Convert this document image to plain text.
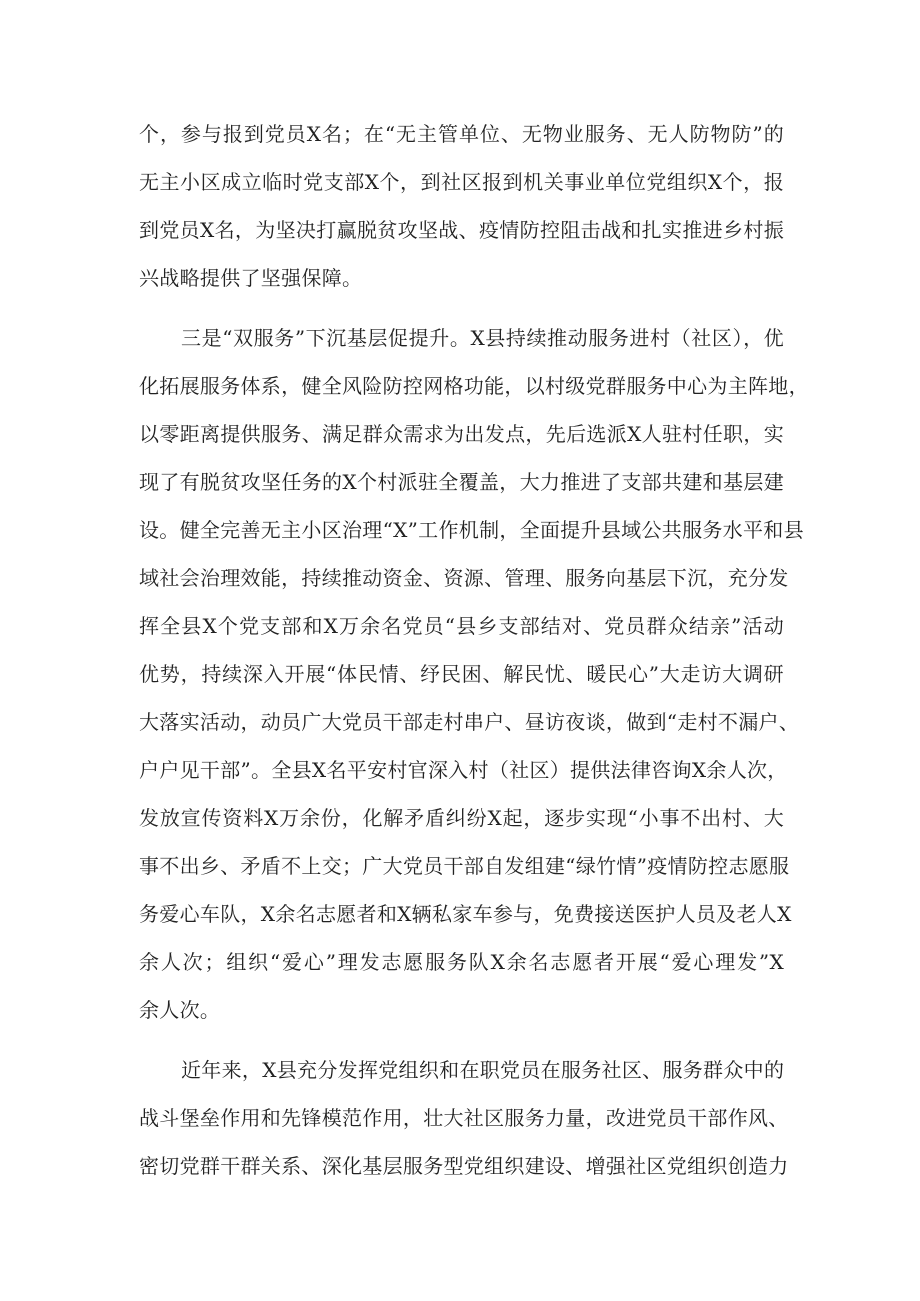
个，参与报到党员X名；在“无主管单位、无物业服务、无人防物防”的
无主小区成立临时党支部X个，到社区报到机关事业单位党组织X个，报
到党员X名，为坚决打赢脱贫攻坚战、疫情防控阻击战和扎实推进乡村振
兴战略提供了坚强保障。
三是“双服务”下沉基层促提升。X县持续推动服务进村（社区），优
化拓展服务体系，健全风险防控网格功能，以村级党群服务中心为主阵地，
以零距离提供服务、满足群众需求为出发点，先后选派X人驻村任职，实
现了有脱贫攻坚任务的X个村派驻全覆盖，大力推进了支部共建和基层建
设。健全完善无主小区治理“X”工作机制，全面提升县域公共服务水平和县
域社会治理效能，持续推动资金、资源、管理、服务向基层下沉，充分发
挥全县X个党支部和X万余名党员“县乡支部结对、党员群众结亲”活动
优势，持续深入开展“体民情、纾民困、解民忧、暖民心”大走访大调研
大落实活动，动员广大党员干部走村串户、昼访夜谈，做到“走村不漏户、
户户见干部”。全县X名平安村官深入村（社区）提供法律咨询X余人次，
发放宣传资料X万余份，化解矛盾纠纷X起，逐步实现“小事不出村、大
事不出乡、矛盾不上交；广大党员干部自发组建“绿竹情”疫情防控志愿服
务爱心车队，X余名志愿者和X辆私家车参与，免费接送医护人员及老人X
余人次；组织“爱心”理发志愿服务队X余名志愿者开展“爱心理发”X
余人次。
近年来，X县充分发挥党组织和在职党员在服务社区、服务群众中的
战斗堡垒作用和先锋模范作用，壮大社区服务力量，改进党员干部作风、
密切党群干群关系、深化基层服务型党组织建设、增强社区党组织创造力
